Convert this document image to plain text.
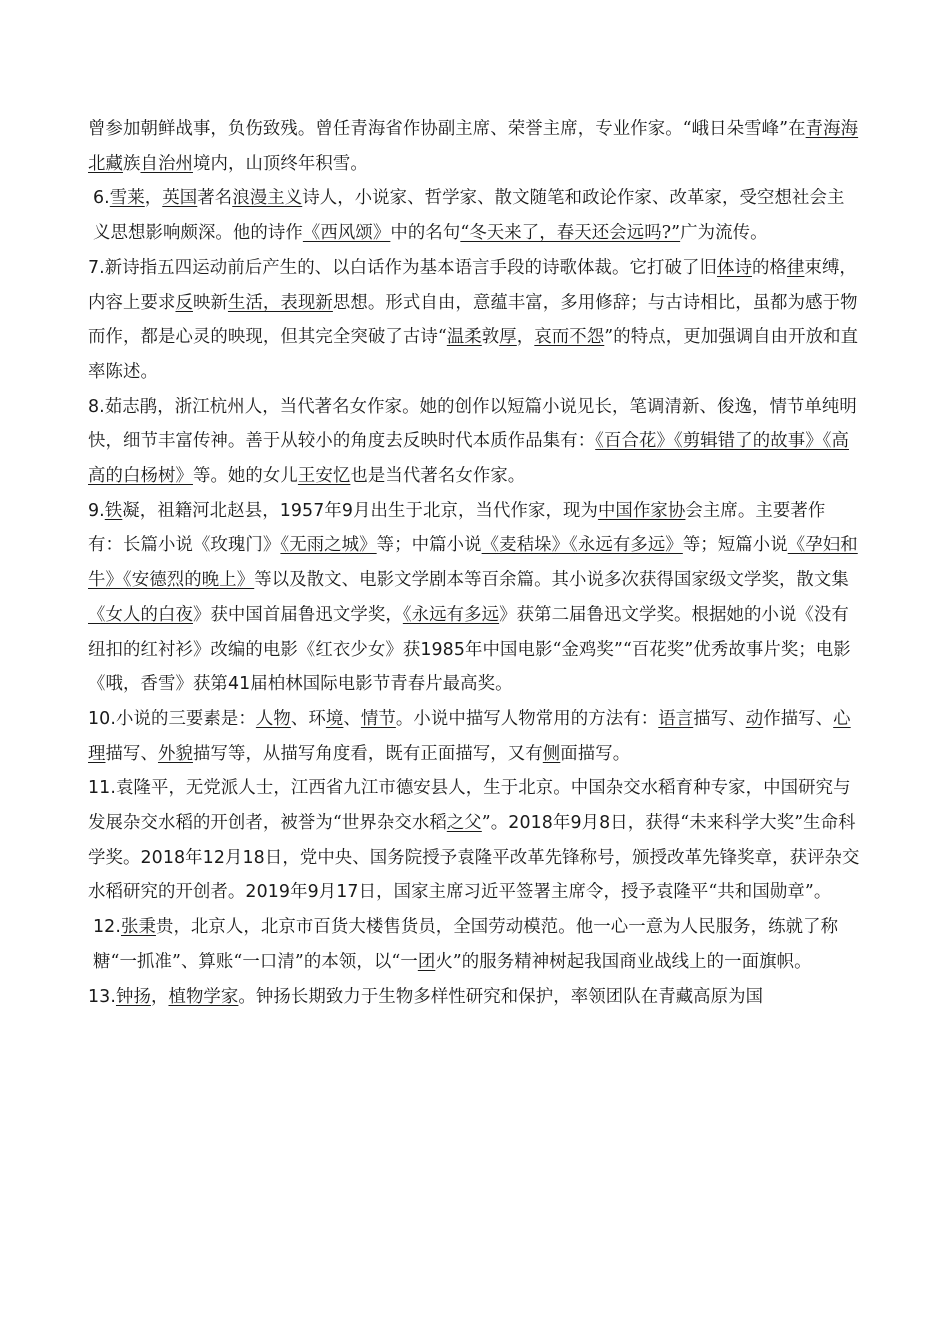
曾参加朝鲜战事，负伤致残。曾任青海省作协副主席、荣誉主席，专业作家。“峨日朵雪峰”在青海海北藏族自治州境内，山顶终年积雪。

6.雪莱，英国著名浪漫主义诗人，小说家、哲学家、散文随笔和政论作家、改革家，受空想社会主义思想影响颇深。他的诗作《西风颂》中的名句“冬天来了，春天还会远吗?”广为流传。

7.新诗指五四运动前后产生的、以白话作为基本语言手段的诗歌体裁。它打破了旧体诗的格律束缚，内容上要求反映新生活，表现新思想。形式自由，意蕴丰富，多用修辞；与古诗相比，虽都为感于物而作，都是心灵的映现，但其完全突破了古诗“温柔敦厚，哀而不怨”的特点，更加强调自由开放和直率陈述。

8.茹志鹃，浙江杭州人，当代著名女作家。她的创作以短篇小说见长，笔调清新、俊逸，情节单纯明快，细节丰富传神。善于从较小的角度去反映时代本质作品集有：《百合花》《剪辑错了的故事》《高高的白杨树》等。她的女儿王安忆也是当代著名女作家。

9.铁凝，祖籍河北赵县，1957年9月出生于北京，当代作家，现为中国作家协会主席。主要著作有：长篇小说《玫瑰门》《无雨之城》等；中篇小说《麦秸垛》《永远有多远》等；短篇小说《孕妇和牛》《安德烈的晚上》等以及散文、电影文学剧本等百余篇。其小说多次获得国家级文学奖，散文集《女人的白夜》获中国首届鲁迅文学奖，《永远有多远》获第二届鲁迅文学奖。根据她的小说《没有纽扣的红衬衫》改编的电影《红衣少女》获1985年中国电影“金鸡奖”“百花奖”优秀故事片奖；电影《哦，香雪》获第41届柏林国际电影节青春片最高奖。

10.小说的三要素是：人物、环境、情节。小说中描写人物常用的方法有：语言描写、动作描写、心理描写、外貌描写等，从描写角度看，既有正面描写，又有侧面描写。

11.袁隆平，无党派人士，江西省九江市德安县人，生于北京。中国杂交水稻育种专家，中国研究与发展杂交水稻的开创者，被誉为“世界杂交水稻之父”。2018年9月8日，获得“未来科学大奖”生命科学奖。2018年12月18日，党中央、国务院授予袁隆平改革先锋称号，颁授改革先锋奖章，获评杂交水稻研究的开创者。2019年9月17日，国家主席习近平签署主席令，授予袁隆平“共和国勋章”。

12.张秉贵，北京人，北京市百货大楼售货员，全国劳动模范。他一心一意为人民服务，练就了称糖“一抓准”、算账“一口清”的本领，以“一团火”的服务精神树起我国商业战线上的一面旗帜。

13.钟扬，植物学家。钟扬长期致力于生物多样性研究和保护，率领团队在青藏高原为国
